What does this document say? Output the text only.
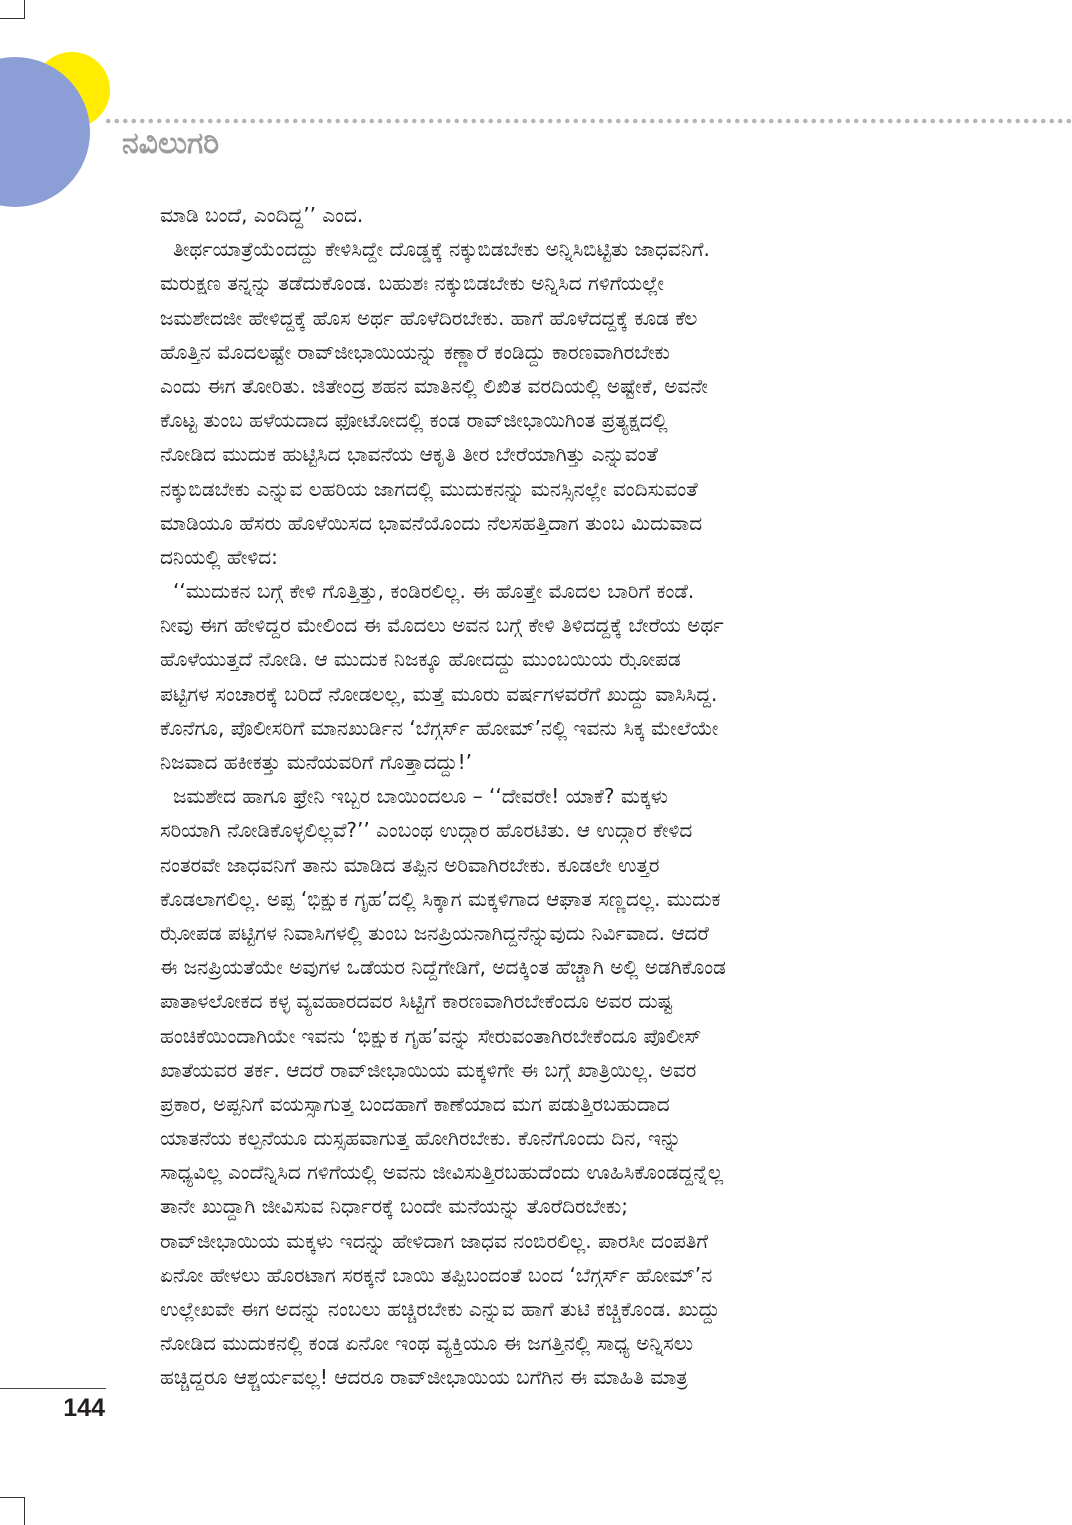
ನವಿಲುಗರಿ
ಮಾಡಿ ಬಂದೆ, ಎಂದಿದ್ದ’’ ಎಂದ.
ತೀರ್ಥಯಾತ್ರೆಯೆಂದದ್ದು ಕೇಳಿಸಿದ್ದೇ ದೊಡ್ಡಕ್ಕೆ ನಕ್ಕುಬಿಡಬೇಕು ಅನ್ನಿಸಿಬಿಟ್ಟಿತು ಜಾಧವನಿಗೆ.
ಮರುಕ್ಷಣ ತನ್ನನ್ನು ತಡೆದುಕೊಂಡ. ಬಹುಶಃ ನಕ್ಕುಬಿಡಬೇಕು ಅನ್ನಿಸಿದ ಗಳಿಗೆಯಲ್ಲೇ
ಜಮಶೇದಜೀ ಹೇಳಿದ್ದಕ್ಕೆ ಹೊಸ ಅರ್ಥ ಹೊಳೆದಿರಬೇಕು. ಹಾಗೆ ಹೊಳೆದದ್ದಕ್ಕೆ ಕೂಡ ಕೆಲ
ಹೊತ್ತಿನ ಮೊದಲಷ್ಟೇ ರಾವ್‌ಜೀಭಾಯಿಯನ್ನು ಕಣ್ಣಾರೆ ಕಂಡಿದ್ದು ಕಾರಣವಾಗಿರಬೇಕು
ಎಂದು ಈಗ ತೋರಿತು. ಜಿತೇಂದ್ರ ಶಹನ ಮಾತಿನಲ್ಲಿ ಲಿಖಿತ ವರದಿಯಲ್ಲಿ ಅಷ್ಟೇಕೆ, ಅವನೇ
ಕೊಟ್ಟ ತುಂಬ ಹಳೆಯದಾದ ಫೋಟೋದಲ್ಲಿ ಕಂಡ ರಾವ್‌ಜೀಭಾಯಿಗಿಂತ ಪ್ರತ್ಯಕ್ಷದಲ್ಲಿ
ನೋಡಿದ ಮುದುಕ ಹುಟ್ಟಿಸಿದ ಭಾವನೆಯ ಆಕೃತಿ ತೀರ ಬೇರೆಯಾಗಿತ್ತು ಎನ್ನುವಂತೆ
ನಕ್ಕುಬಿಡಬೇಕು ಎನ್ನುವ ಲಹರಿಯ ಜಾಗದಲ್ಲಿ ಮುದುಕನನ್ನು ಮನಸ್ಸಿನಲ್ಲೇ ವಂದಿಸುವಂತೆ
ಮಾಡಿಯೂ ಹೆಸರು ಹೊಳೆಯಿಸದ ಭಾವನೆಯೊಂದು ನೆಲಸಹತ್ತಿದಾಗ ತುಂಬ ಮಿದುವಾದ
ದನಿಯಲ್ಲಿ ಹೇಳಿದ:
‘‘ಮುದುಕನ ಬಗ್ಗೆ ಕೇಳಿ ಗೊತ್ತಿತ್ತು, ಕಂಡಿರಲಿಲ್ಲ. ಈ ಹೊತ್ತೇ ಮೊದಲ ಬಾರಿಗೆ ಕಂಡೆ.
ನೀವು ಈಗ ಹೇಳಿದ್ದರ ಮೇಲಿಂದ ಈ ಮೊದಲು ಅವನ ಬಗ್ಗೆ ಕೇಳಿ ತಿಳಿದದ್ದಕ್ಕೆ ಬೇರೆಯ ಅರ್ಥ
ಹೊಳೆಯುತ್ತದೆ ನೋಡಿ. ಆ ಮುದುಕ ನಿಜಕ್ಕೂ ಹೋದದ್ದು ಮುಂಬಯಿಯ ಝೋಪಡ
ಪಟ್ಟಿಗಳ ಸಂಚಾರಕ್ಕೆ ಬರಿದೆ ನೋಡಲಲ್ಲ, ಮತ್ತೆ ಮೂರು ವರ್ಷಗಳವರೆಗೆ ಖುದ್ದು ವಾಸಿಸಿದ್ದ.
ಕೊನೆಗೂ, ಪೊಲೀಸರಿಗೆ ಮಾನಖುರ್ಡಿನ ‘ಬೆಗ್ಗರ್ಸ್ ಹೋಮ್’ನಲ್ಲಿ ಇವನು ಸಿಕ್ಕ ಮೇಲೆಯೇ
ನಿಜವಾದ ಹಕೀಕತ್ತು ಮನೆಯವರಿಗೆ ಗೊತ್ತಾದದ್ದು!’
ಜಮಶೇದ ಹಾಗೂ ಫ್ರೇನಿ ಇಬ್ಬರ ಬಾಯಿಂದಲೂ – ‘‘ದೇವರೇ! ಯಾಕೆ? ಮಕ್ಕಳು
ಸರಿಯಾಗಿ ನೋಡಿಕೊಳ್ಳಲಿಲ್ಲವೆ?’’ ಎಂಬಂಥ ಉದ್ಗಾರ ಹೊರಟಿತು. ಆ ಉದ್ಗಾರ ಕೇಳಿದ
ನಂತರವೇ ಜಾಧವನಿಗೆ ತಾನು ಮಾಡಿದ ತಪ್ಪಿನ ಅರಿವಾಗಿರಬೇಕು. ಕೂಡಲೇ ಉತ್ತರ
ಕೊಡಲಾಗಲಿಲ್ಲ. ಅಪ್ಪ ‘ಭಿಕ್ಷುಕ ಗೃಹ’ದಲ್ಲಿ ಸಿಕ್ಕಾಗ ಮಕ್ಕಳಿಗಾದ ಆಘಾತ ಸಣ್ಣದಲ್ಲ. ಮುದುಕ
ಝೋಪಡ ಪಟ್ಟಿಗಳ ನಿವಾಸಿಗಳಲ್ಲಿ ತುಂಬ ಜನಪ್ರಿಯನಾಗಿದ್ದನೆನ್ನುವುದು ನಿರ್ವಿವಾದ. ಆದರೆ
ಈ ಜನಪ್ರಿಯತೆಯೇ ಅವುಗಳ ಒಡೆಯರ ನಿದ್ದೆಗೇಡಿಗೆ, ಅದಕ್ಕಿಂತ ಹೆಚ್ಚಾಗಿ ಅಲ್ಲಿ ಅಡಗಿಕೊಂಡ
ಪಾತಾಳಲೋಕದ ಕಳ್ಳ ವ್ಯವಹಾರದವರ ಸಿಟ್ಟಿಗೆ ಕಾರಣವಾಗಿರಬೇಕೆಂದೂ ಅವರ ದುಷ್ಟ
ಹಂಚಿಕೆಯಿಂದಾಗಿಯೇ ಇವನು ‘ಭಿಕ್ಷುಕ ಗೃಹ’ವನ್ನು ಸೇರುವಂತಾಗಿರಬೇಕೆಂದೂ ಪೊಲೀಸ್
ಖಾತೆಯವರ ತರ್ಕ. ಆದರೆ ರಾವ್‌ಜೀಭಾಯಿಯ ಮಕ್ಕಳಿಗೇ ಈ ಬಗ್ಗೆ ಖಾತ್ರಿಯಿಲ್ಲ. ಅವರ
ಪ್ರಕಾರ, ಅಪ್ಪನಿಗೆ ವಯಸ್ಸಾಗುತ್ತ ಬಂದಹಾಗೆ ಕಾಣೆಯಾದ ಮಗ ಪಡುತ್ತಿರಬಹುದಾದ
ಯಾತನೆಯ ಕಲ್ಪನೆಯೂ ದುಸ್ಸಹವಾಗುತ್ತ ಹೋಗಿರಬೇಕು. ಕೊನೆಗೊಂದು ದಿನ, ಇನ್ನು
ಸಾಧ್ಯವಿಲ್ಲ ಎಂದೆನ್ನಿಸಿದ ಗಳಿಗೆಯಲ್ಲಿ ಅವನು ಜೀವಿಸುತ್ತಿರಬಹುದೆಂದು ಊಹಿಸಿಕೊಂಡದ್ದನ್ನೆಲ್ಲ
ತಾನೇ ಖುದ್ದಾಗಿ ಜೀವಿಸುವ ನಿರ್ಧಾರಕ್ಕೆ ಬಂದೇ ಮನೆಯನ್ನು ತೊರೆದಿರಬೇಕು;
ರಾವ್‌ಜೀಭಾಯಿಯ ಮಕ್ಕಳು ಇದನ್ನು ಹೇಳಿದಾಗ ಜಾಧವ ನಂಬಿರಲಿಲ್ಲ. ಪಾರಸೀ ದಂಪತಿಗೆ
ಏನೋ ಹೇಳಲು ಹೊರಟಾಗ ಸರಕ್ಕನೆ ಬಾಯಿ ತಪ್ಪಿಬಂದಂತೆ ಬಂದ ‘ಬೆಗ್ಗರ್ಸ್ ಹೋಮ್’ನ
ಉಲ್ಲೇಖವೇ ಈಗ ಅದನ್ನು ನಂಬಲು ಹಚ್ಚಿರಬೇಕು ಎನ್ನುವ ಹಾಗೆ ತುಟಿ ಕಚ್ಚಿಕೊಂಡ. ಖುದ್ದು
ನೋಡಿದ ಮುದುಕನಲ್ಲಿ ಕಂಡ ಏನೋ ಇಂಥ ವ್ಯಕ್ತಿಯೂ ಈ ಜಗತ್ತಿನಲ್ಲಿ ಸಾಧ್ಯ ಅನ್ನಿಸಲು
ಹಚ್ಚಿದ್ದರೂ ಆಶ್ಚರ್ಯವಲ್ಲ! ಆದರೂ ರಾವ್‌ಜೀಭಾಯಿಯ ಬಗೆಗಿನ ಈ ಮಾಹಿತಿ ಮಾತ್ರ
144
